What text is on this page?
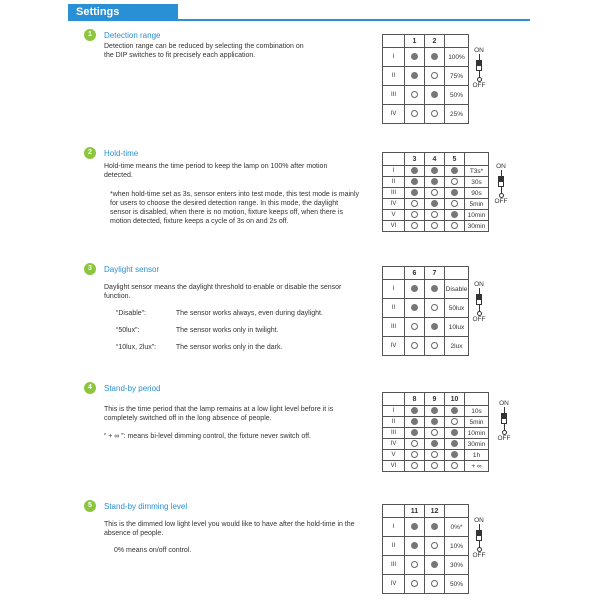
Settings
1	Detection range
Detection range can be reduced by selecting the combination on the DIP switches to fit precisely each application.
	1	2	
I			100%
II			75%
III			50%
IV			25%
ON
OFF
2	Hold-time
Hold-time means the time period to keep the lamp on 100% after motion detected.
*when hold-time set as 3s, sensor enters into test mode, this test mode is mainly for users to choose the desired detection range. In this mode, the daylight sensor is disabled, when there is no motion, fixture keeps off, when there is motion detected, fixture keeps a cycle of 3s on and 2s off.
	3	4	5	
I				T3s*
II				30s
III				90s
IV				5min
V				10min
VI				30min
ON
OFF
3	Daylight sensor
Daylight sensor means the daylight threshold to enable or disable the sensor function.
“Disable”:	The sensor works always, even during daylight.
“50lux”:	The sensor works only in twilight.
“10lux, 2lux”:	The sensor works only in the dark.
	6	7	
I			Disable
II			50lux
III			10lux
IV			2lux
ON
OFF
4	Stand-by period
This is the time period that the lamp remains at a low light level before it is completely switched off in the long absence of people.
“ + ∞ ”: means bi-level dimming control, the fixture never switch off.
	8	9	10	
I				10s
II				5min
III				10min
IV				30min
V				1h
VI				+ ∞
ON
OFF
5	Stand-by dimming level
This is the dimmed low light level you would like to have after the hold-time in the absence of people.
0% means on/off control.
	11	12	
I			0%*
II			10%
III			30%
IV			50%
ON
OFF
